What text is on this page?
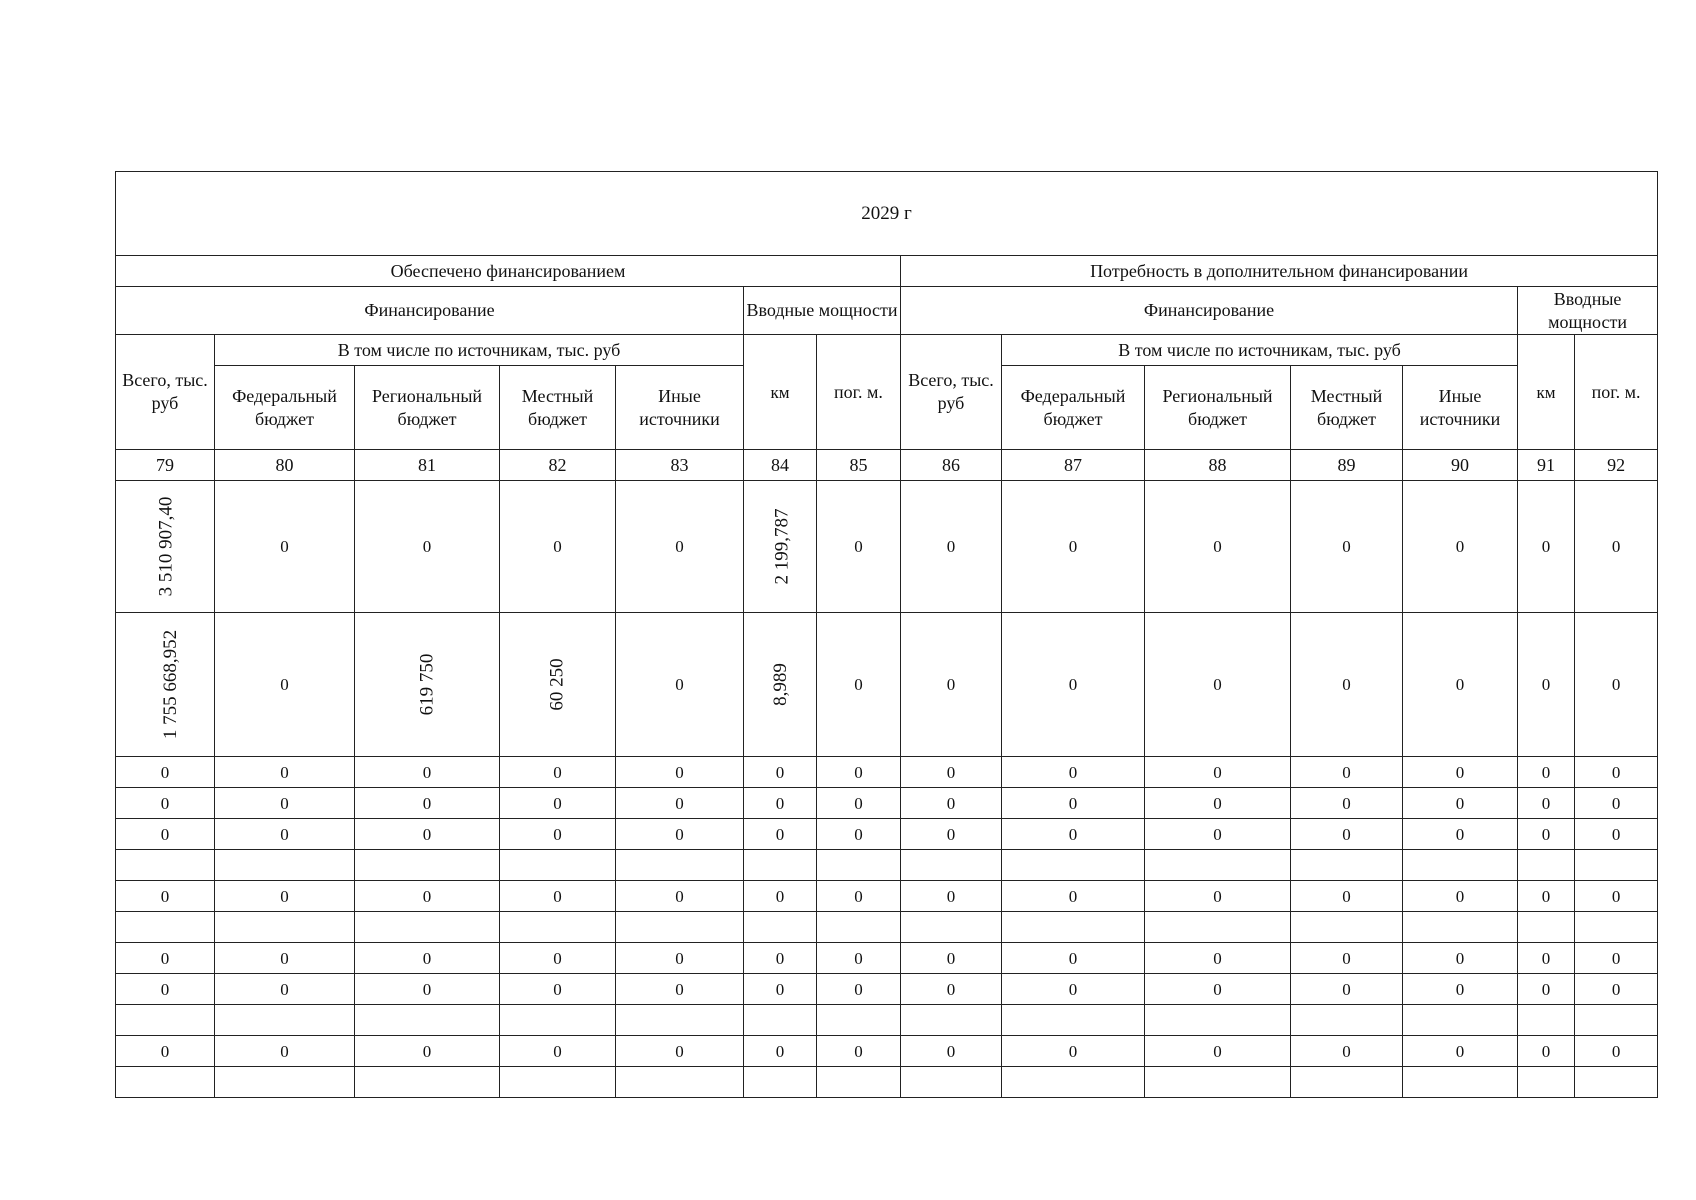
2029 г													
Обеспечено финансированием							Потребность в дополнительном финансировании						
Финансирование					Вводные мощности		Финансирование					Вводные мощности	
Всего, тыс. руб	В том числе по источникам, тыс. руб				км	пог. м.	Всего, тыс. руб	В том числе по источникам, тыс. руб				км	пог. м.
	Федеральный бюджет	Региональный бюджет	Местный бюджет	Иные источники				Федеральный бюджет	Региональный бюджет	Местный бюджет	Иные источники		
79	80	81	82	83	84	85	86	87	88	89	90	91	92
3 510 907,40	0	0	0	0	2 199,787	0	0	0	0	0	0	0	0
1 755 668,952	0	619 750	60 250	0	8,989	0	0	0	0	0	0	0	0
0	0	0	0	0	0	0	0	0	0	0	0	0	0
0	0	0	0	0	0	0	0	0	0	0	0	0	0
0	0	0	0	0	0	0	0	0	0	0	0	0	0

0	0	0	0	0	0	0	0	0	0	0	0	0	0

0	0	0	0	0	0	0	0	0	0	0	0	0	0
0	0	0	0	0	0	0	0	0	0	0	0	0	0

0	0	0	0	0	0	0	0	0	0	0	0	0	0
